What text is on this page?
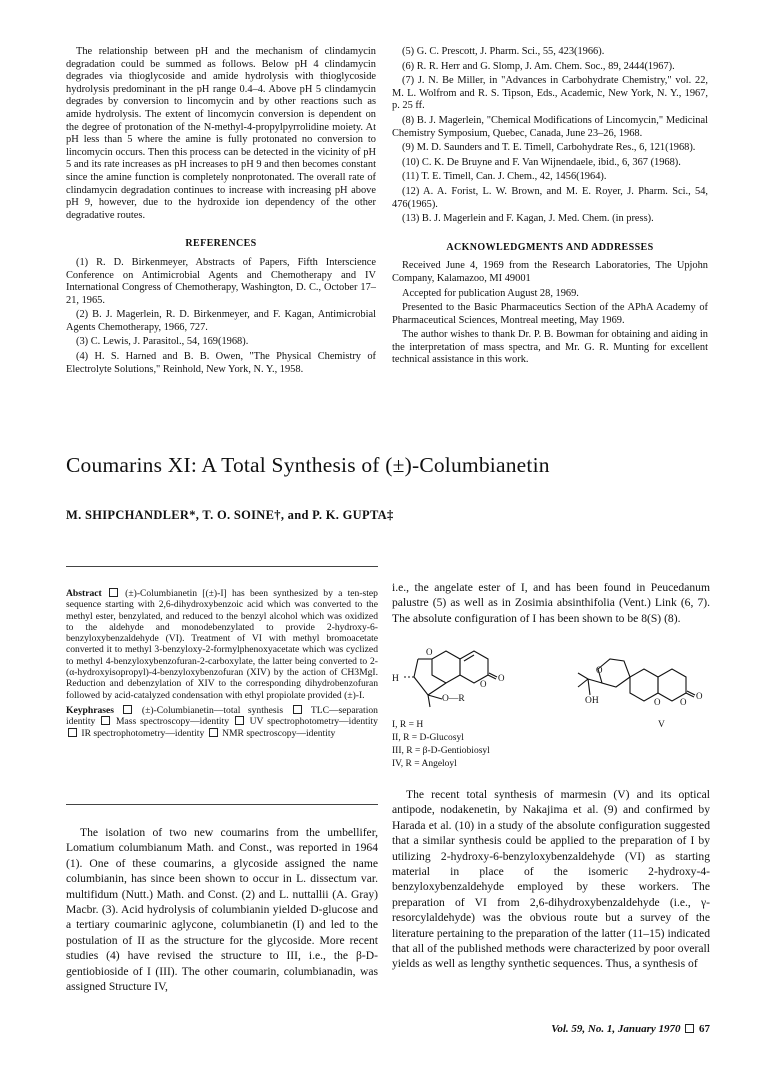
The relationship between pH and the mechanism of clindamycin degradation could be summed as follows. Below pH 4 clindamycin degrades via thioglycoside and amide hydrolysis with thioglycoside hydrolysis predominant in the pH range 0.4–4. Above pH 5 clindamycin degrades by conversion to lincomycin and by other reactions such as amide hydrolysis. The extent of lincomycin conversion is dependent on the degree of protonation of the N-methyl-4-propylpyrrolidine moiety. At pH less than 5 where the amine is fully protonated no conversion to lincomycin occurs. Then this process can be detected in the vicinity of pH 5 and its rate increases as pH increases to pH 9 and then becomes constant since the amine function is completely nonprotonated. The overall rate of clindamycin degradation continues to increase with increasing pH above pH 9, however, due to the hydroxide ion dependency of the other degradative routes.

REFERENCES

(1) R. D. Birkenmeyer, Abstracts of Papers, Fifth Interscience Conference on Antimicrobial Agents and Chemotherapy and IV International Congress of Chemotherapy, Washington, D. C., October 17–21, 1965.

(2) B. J. Magerlein, R. D. Birkenmeyer, and F. Kagan, Antimicrobial Agents Chemotherapy, 1966, 727.

(3) C. Lewis, J. Parasitol., 54, 169(1968).

(4) H. S. Harned and B. B. Owen, "The Physical Chemistry of Electrolyte Solutions," Reinhold, New York, N. Y., 1958.

(5) G. C. Prescott, J. Pharm. Sci., 55, 423(1966).

(6) R. R. Herr and G. Slomp, J. Am. Chem. Soc., 89, 2444(1967).

(7) J. N. Be Miller, in "Advances in Carbohydrate Chemistry," vol. 22, M. L. Wolfrom and R. S. Tipson, Eds., Academic, New York, N. Y., 1967, p. 25 ff.

(8) B. J. Magerlein, "Chemical Modifications of Lincomycin," Medicinal Chemistry Symposium, Quebec, Canada, June 23–26, 1968.

(9) M. D. Saunders and T. E. Timell, Carbohydrate Res., 6, 121(1968).

(10) C. K. De Bruyne and F. Van Wijnendaele, ibid., 6, 367 (1968).

(11) T. E. Timell, Can. J. Chem., 42, 1456(1964).

(12) A. A. Forist, L. W. Brown, and M. E. Royer, J. Pharm. Sci., 54, 476(1965).

(13) B. J. Magerlein and F. Kagan, J. Med. Chem. (in press).

ACKNOWLEDGMENTS AND ADDRESSES

Received June 4, 1969 from the Research Laboratories, The Upjohn Company, Kalamazoo, MI 49001

Accepted for publication August 28, 1969.

Presented to the Basic Pharmaceutics Section of the APhA Academy of Pharmaceutical Sciences, Montreal meeting, May 1969.

The author wishes to thank Dr. P. B. Bowman for obtaining and aiding in the interpretation of mass spectra, and Mr. G. R. Munting for excellent technical assistance in this work.

Coumarins XI: A Total Synthesis of (±)-Columbianetin
M. SHIPCHANDLER*, T. O. SOINE†, and P. K. GUPTA‡

Abstract (±)-Columbianetin [(±)-I] has been synthesized by a ten-step sequence starting with 2,6-dihydroxybenzoic acid which was converted to the methyl ester, benzylated, and reduced to the benzyl alcohol which was oxidized to the aldehyde and monodebenzylated to provide 2-hydroxy-6-benzyloxybenzaldehyde (VI). Treatment of VI with methyl bromoacetate converted it to methyl 3-benzyloxy-2-formylphenoxyacetate which was cyclized to methyl 4-benzyloxybenzofuran-2-carboxylate, the latter being converted to 2-(α-hydroxyisopropyl)-4-benzyloxybenzofuran (XIV) by the action of CH3MgI. Reduction and debenzylation of XIV to the corresponding dihydrobenzofuran followed by acid-catalyzed condensation with ethyl propiolate provided (±)-I.

Keyphrases	(±)-Columbianetin—total synthesis	TLC—separation identity Mass spectroscopy—identity UV spectrophotometry—identity  IR spectrophotometry—identity NMR spectroscopy—identity

The isolation of two new coumarins from the umbellifer, Lomatium columbianum Math. and Const., was reported in 1964 (1). One of these coumarins, a glycoside assigned the name columbianin, has since been shown to occur in L. dissectum var. multifidum (Nutt.) Math. and Const. (2) and L. nuttallii (A. Gray) Macbr. (3). Acid hydrolysis of columbianin yielded D-glucose and a tertiary coumarinic aglycone, columbianetin (I) and led to the postulation of II as the structure for the glycoside. More recent studies (4) have revised the structure to III, i.e., the β-D-gentiobioside of I (III). The other coumarin, columbianadin, was assigned Structure IV,

i.e., the angelate ester of I, and has been found in Peucedanum palustre (5) as well as in Zosimia absinthifolia (Vent.) Link (6, 7). The absolute configuration of I has been shown to be 8(S) (8).

O
O
O
O
O O
O
H
O—R	OH
I, R = H
II, R = D-Glucosyl
III, R = β-D-Gentiobiosyl
IV, R = Angeloyl
V

The recent total synthesis of marmesin (V) and its optical antipode, nodakenetin, by Nakajima et al. (9) and confirmed by Harada et al. (10) in a study of the absolute configuration suggested that a similar synthesis could be applied to the preparation of I by utilizing 2-hydroxy-6-benzyloxybenzaldehyde (VI) as starting material in place of the isomeric 2-hydroxy-4-benzyloxybenzaldehyde employed by these workers. The preparation of VI from 2,6-dihydroxybenzaldehyde (i.e., γ-resorcylaldehyde) was the obvious route but a survey of the literature pertaining to the preparation of the latter (11–15) indicated that all of the published methods were characterized by poor overall yields as well as lengthy synthetic sequences. Thus, a synthesis of

Vol. 59, No. 1, January 1970 67
